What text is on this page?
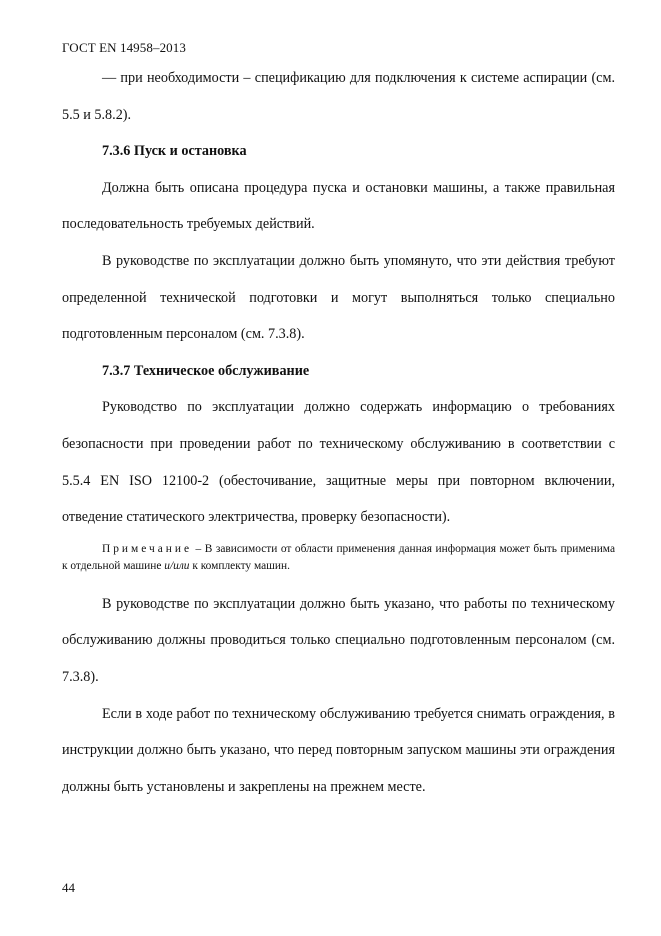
ГОСТ EN 14958–2013

— при необходимости – спецификацию для подключения к системе аспирации (см. 5.5 и 5.8.2).

7.3.6 Пуск и остановка

Должна быть описана процедура пуска и остановки машины, а также правильная последовательность требуемых действий.

В руководстве по эксплуатации должно быть упомянуто, что эти действия требуют определенной технической подготовки и могут выполняться только специально подготовленным персоналом (см. 7.3.8).

7.3.7 Техническое обслуживание

Руководство по эксплуатации должно содержать информацию о требованиях безопасности при проведении работ по техническому обслуживанию в соответствии с 5.5.4 EN ISO 12100-2 (обесточивание, защитные меры при повторном включении, отведение статического электричества, проверку безопасности).

Примечание – В зависимости от области применения данная информация может быть применима к отдельной машине и/или к комплекту машин.

В руководстве по эксплуатации должно быть указано, что работы по техническому обслуживанию должны проводиться только специально подготовленным персоналом (см. 7.3.8).

Если в ходе работ по техническому обслуживанию требуется снимать ограждения, в инструкции должно быть указано, что перед повторным запуском машины эти ограждения должны быть установлены и закреплены на прежнем месте.

44
